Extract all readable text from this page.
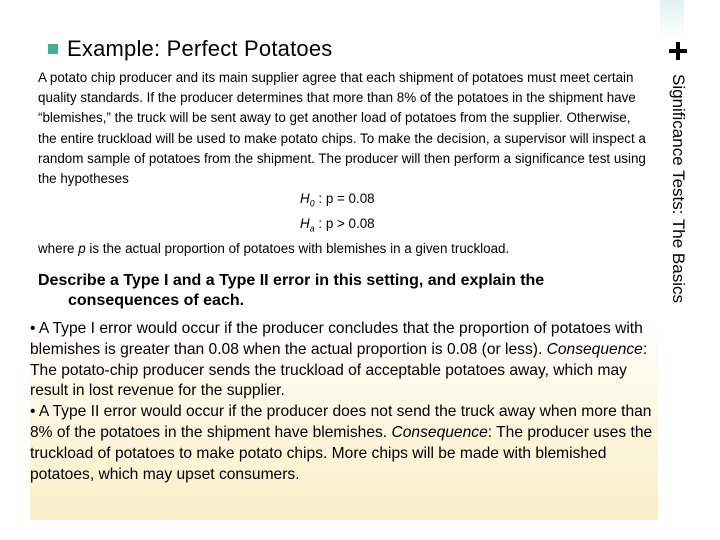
Significance Tests: The Basics
Example: Perfect Potatoes

A potato chip producer and its main supplier agree that each shipment of potatoes must meet certain quality standards. If the producer determines that more than 8% of the potatoes in the shipment have “blemishes,” the truck will be sent away to get another load of potatoes from the supplier. Otherwise, the entire truckload will be used to make potato chips. To make the decision, a supervisor will inspect a random sample of potatoes from the shipment. The producer will then perform a significance test using the hypotheses

$H_0$ : p = 0.08

$H_a$ : p > 0.08

where p is the actual proportion of potatoes with blemishes in a given truckload.

Describe a Type I and a Type II error in this setting, and explain the
consequences of each.

• A Type I error would occur if the producer concludes that the proportion of potatoes with blemishes is greater than 0.08 when the actual proportion is 0.08 (or less). Consequence: The potato-chip producer sends the truckload of acceptable potatoes away, which may result in lost revenue for the supplier.

• A Type II error would occur if the producer does not send the truck away when more than 8% of the potatoes in the shipment have blemishes. Consequence: The producer uses the truckload of potatoes to make potato chips. More chips will be made with blemished potatoes, which may upset consumers.
